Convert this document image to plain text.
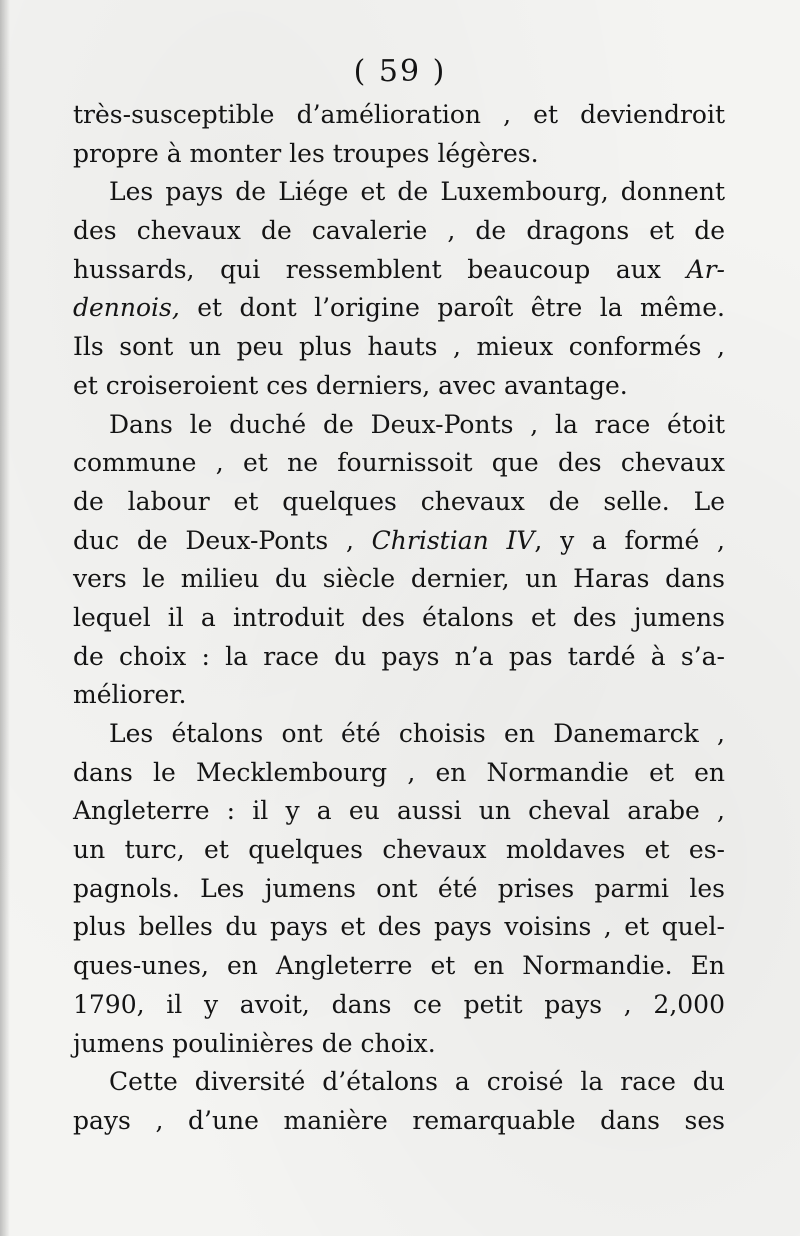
( 59 )
très-susceptible d’amélioration , et deviendroit
propre à monter les troupes légères.
Les pays de Liége et de Luxembourg, donnent
des chevaux de cavalerie , de dragons et de
hussards, qui ressemblent beaucoup aux Ar-
dennois, et dont l’origine paroît être la même.
Ils sont un peu plus hauts , mieux conformés ,
et croiseroient ces derniers, avec avantage.
Dans le duché de Deux-Ponts , la race étoit
commune , et ne fournissoit que des chevaux
de labour et quelques chevaux de selle. Le
duc de Deux-Ponts , Christian IV, y a formé ,
vers le milieu du siècle dernier, un Haras dans
lequel il a introduit des étalons et des jumens
de choix : la race du pays n’a pas tardé à s’a-
méliorer.
Les étalons ont été choisis en Danemarck ,
dans le Mecklembourg , en Normandie et en
Angleterre : il y a eu aussi un cheval arabe ,
un turc, et quelques chevaux moldaves et es-
pagnols. Les jumens ont été prises parmi les
plus belles du pays et des pays voisins , et quel-
ques-unes, en Angleterre et en Normandie. En
1790, il y avoit, dans ce petit pays , 2,000
jumens poulinières de choix.
Cette diversité d’étalons a croisé la race du
pays , d’une manière remarquable dans ses
